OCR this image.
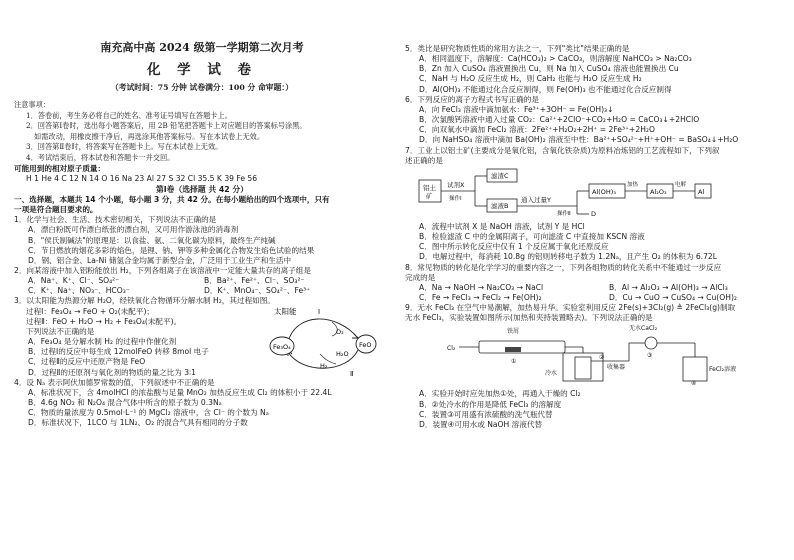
南充高中高 2024 级第一学期第二次月考
化 学 试 卷
（考试时间：75 分钟 试卷满分：100 分 命审题：）
注意事项：
1．答卷前，考生务必将自己的姓名、准考证号填写在答题卡上。
2．回答第Ⅰ卷时，选出每小题答案后，用 2B 铅笔把答题卡上对应题目的答案标号涂黑。
如需改动，用橡皮擦干净后，再选涂其他答案标号。写在本试卷上无效。
3．回答第Ⅱ卷时，将答案写在答题卡上。写在本试卷上无效。
4．考试结束后，将本试卷和答题卡一并交回。
可能用到的相对原子质量：
H 1 He 4 C 12 N 14 O 16 Na 23 Al 27 S 32 Cl 35.5 K 39 Fe 56
第Ⅰ卷（选择题 共 42 分）
一、选择题，本题共 14 个小题，每小题 3 分，共 42 分。在每小题给出的四个选项中，只有
一项是符合题目要求的。
1．化学与社会、生活、技术密切相关，下列说法不正确的是
A．漂白粉既可作漂白纸张的漂白剂，又可用作游泳池的消毒剂
B．"侯氏制碱法"的原理是：以食盐、氨、二氧化碳为原料，最终生产纯碱
C．节日燃放的烟花多彩的焰色，是锂、钠、钾等多种金属化合物发生焰色试验的结果
D．钢、铝合金、La-Ni 储氢合金均属于新型合金，广泛用于工业生产和生活中
2．向某溶液中加入铝粉能放出 H₂，下列各组离子在该溶液中一定能大量共存的离子组是
A．Na⁺、K⁺、Cl⁻、SO₄²⁻	B．Ba²⁺、Fe²⁺、Cl⁻、SO₃²⁻
C．K⁺、Na⁺、NO₃⁻、HCO₃⁻	D．K⁺、MnO₄⁻、SO₄²⁻、Fe³⁺
3．以太阳能为热源分解 H₂O，经铁氧化合物循环分解水制 H₂，其过程如图。
过程Ⅰ：Fe₃O₄ → FeO + O₂(未配平)；
过程Ⅱ：FeO + H₂O → H₂ + Fe₃O₄(未配平)。
下列说法不正确的是
A．Fe₃O₄ 是分解水制 H₂ 的过程中作催化剂
B．过程Ⅰ的反应中每生成 12molFeO 转移 8mol 电子
C．过程Ⅱ的反应中还原产物是 FeO
D．过程Ⅱ的还原剂与氧化剂的物质的量之比为 3∶1
太阳能	Ⅰ
Fe₃O₄	FeO
O₂
H₂O
H₂
Ⅱ
4．设 Nₐ 表示阿伏加德罗常数的值，下列叙述中不正确的是
A．标准状况下，含 4molHCl 的浓盐酸与足量 MnO₂ 加热反应生成 Cl₂ 的体积小于 22.4L
B．4.6g NO₂ 和 N₂O₄ 混合气体中所含的原子数为 0.3Nₐ
C．物质的量浓度为 0.5mol·L⁻¹ 的 MgCl₂ 溶液中，含 Cl⁻ 的个数为 Nₐ
D．标准状况下，1LCO 与 1LN₂、O₂ 的混合气具有相同的分子数
5．类比是研究物质性质的常用方法之一，下列"类比"结果正确的是
A．相同温度下，溶解度：Ca(HCO₃)₂ > CaCO₃，则溶解度 NaHCO₃ > Na₂CO₃
B．Zn 加入 CuSO₄ 溶液置换出 Cu，则 Na 加入 CuSO₄ 溶液也能置换出 Cu
C．NaH 与 H₂O 反应生成 H₂，则 CaH₂ 也能与 H₂O 反应生成 H₂
D．Al(OH)₃ 不能通过化合反应制得，则 Fe(OH)₃ 也不能通过化合反应制得
6．下列反应的离子方程式书写正确的是
A．向 FeCl₃ 溶液中滴加氨水：Fe³⁺+3OH⁻ = Fe(OH)₃↓
B．次氯酸钙溶液中通入过量 CO₂：Ca²⁺+2ClO⁻+CO₂+H₂O = CaCO₃↓+2HClO
C．向双氧水中滴加 FeCl₂ 溶液：2Fe²⁺+H₂O₂+2H⁺ = 2Fe³⁺+2H₂O
D．向 NaHSO₄ 溶液中滴加 Ba(OH)₂ 溶液至中性：Ba²⁺+SO₄²⁻+H⁺+OH⁻ = BaSO₄↓+H₂O
7．工业上以铝土矿(主要成分是氧化铝，含氧化铁杂质)为原料冶炼铝的工艺流程如下，下列叙
述正确的是
铝土
矿
试剂X
操作Ⅰ
滤渣C
滤液B
通入过量Y
操作Ⅱ
Al(OH)₃
加热
Al₂O₃
电解
Al
D
A．流程中试剂 X 是 NaOH 溶液，试剂 Y 是 HCl
B．检验滤渣 C 中的金属阳离子，可向滤渣 C 中直接加 KSCN 溶液
C．图中所示转化反应中仅有 1 个反应属于氧化还原反应
D．电解过程中，每消耗 10.8g 的铝则转移电子数为 1.2Nₐ，且产生 O₂ 的体积为 6.72L
8．常见物质的转化是化学学习的重要内容之一，下列各组物质的转化关系中不能通过一步反应
完成的是
A．Na → NaOH → Na₂CO₃ → NaCl	B．Al → Al₂O₃ → Al(OH)₃ → AlCl₃
C．Fe → FeCl₃ → FeCl₂ → Fe(OH)₂	D．Cu → CuO → CuSO₄ → Cu(OH)₂
9．无水 FeCl₃ 在空气中易潮解，加热易升华。实验室利用反应 2Fe(s)+3Cl₂(g) ≜ 2FeCl₃(g)制取
无水 FeCl₃，实验装置如图所示(加热和夹持装置略去)。下列说法正确的是
Cl₂
铁屑
①
冷水
收集器
②
无水CaCl₂
③
FeCl₂溶液
④
A．实验开始时应先加热①处，再通入干燥的 Cl₂
B．②处冷水的作用是降低 FeCl₃ 的溶解度
C．装置③可用盛有浓硫酸的洗气瓶代替
D．装置④可用水或 NaOH 溶液代替
